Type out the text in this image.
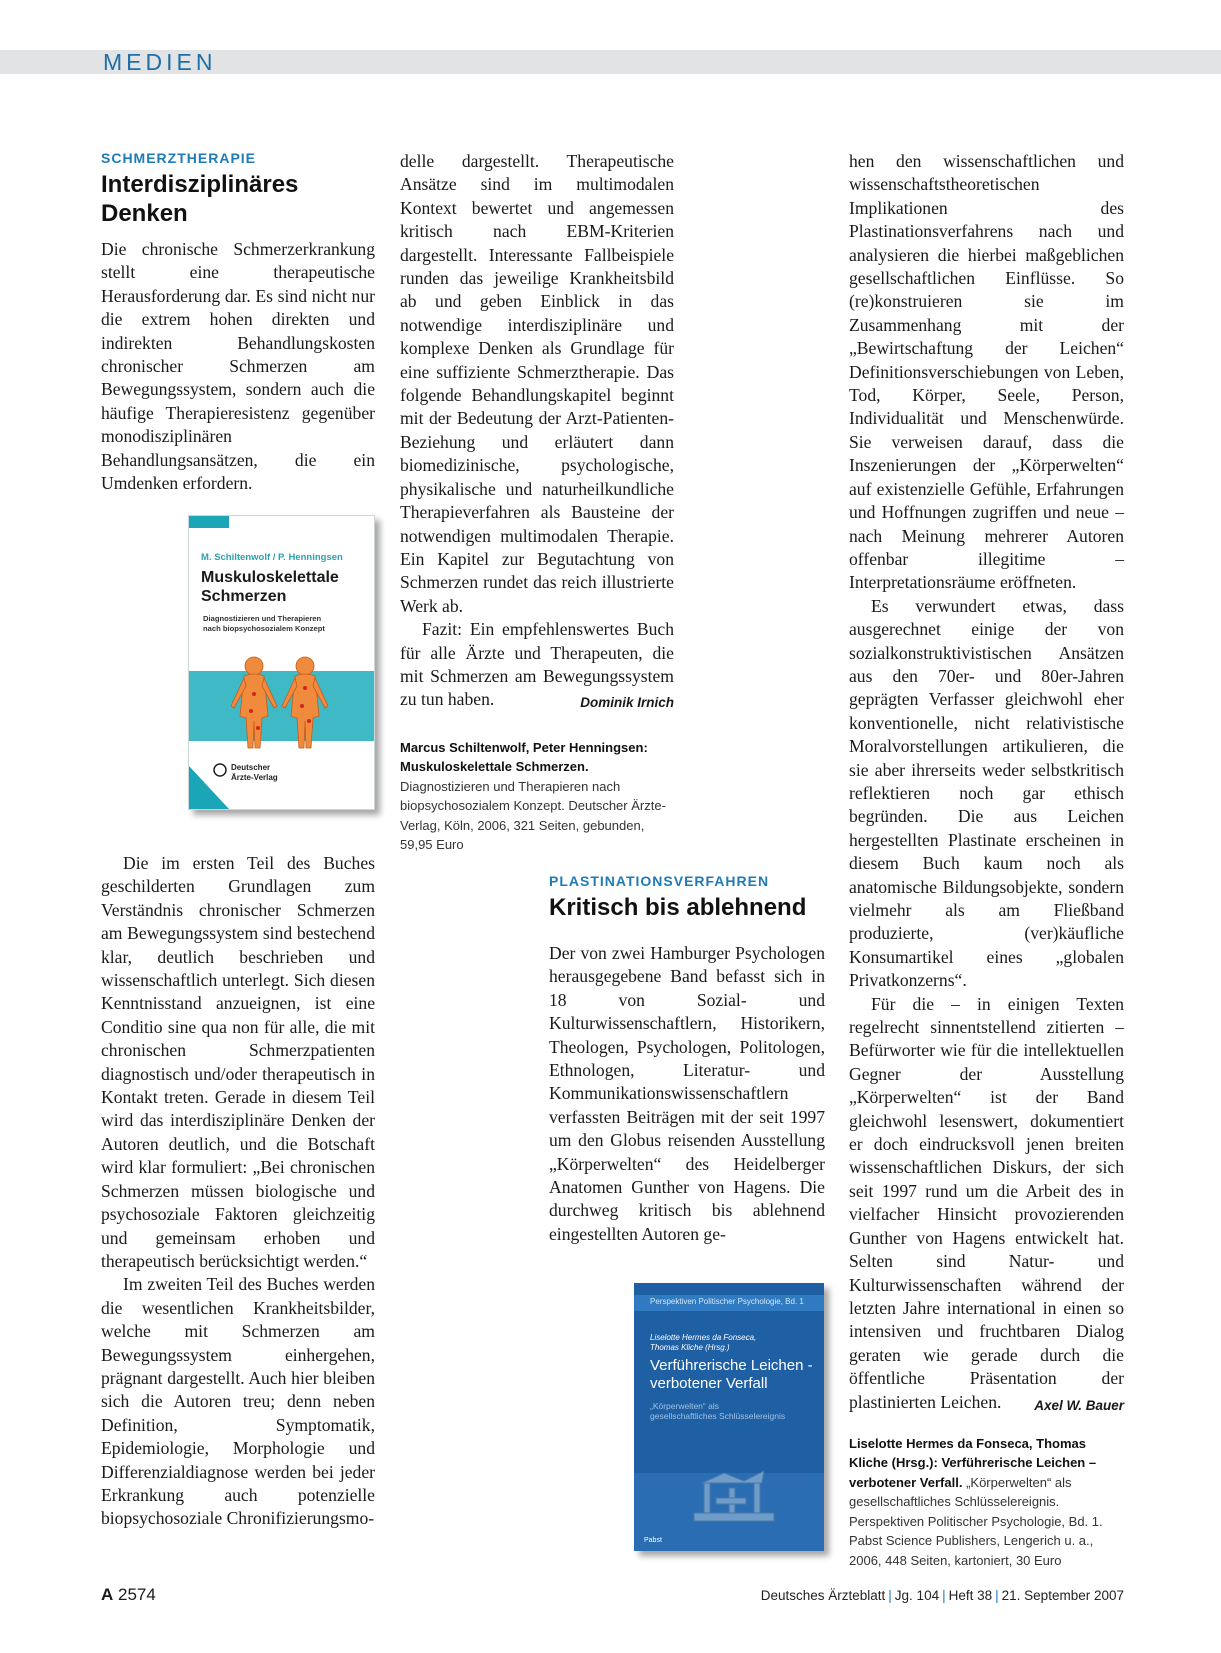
MEDIEN
SCHMERZTHERAPIE
Interdisziplinäres
Denken

Die chronische Schmerzerkrankung stellt eine therapeutische Herausforderung dar. Es sind nicht nur die extrem hohen direkten und indirekten Behandlungskosten chronischer Schmerzen am Bewegungssystem, sondern auch die häufige Therapieresistenz gegenüber monodisziplinären Behandlungsansätzen, die ein Umdenken erfordern.

M. Schiltenwolf / P. Henningsen
Muskuloskelettale
Schmerzen
Diagnostizieren und Therapieren
nach biopsychosozialem Konzept
Deutscher
Ärzte-Verlag

Die im ersten Teil des Buches geschilderten Grundlagen zum Verständnis chronischer Schmerzen am Bewegungssystem sind bestechend klar, deutlich beschrieben und wissenschaftlich unterlegt. Sich diesen Kenntnisstand anzueignen, ist eine Conditio sine qua non für alle, die mit chronischen Schmerzpatienten diagnostisch und/oder therapeutisch in Kontakt treten. Gerade in diesem Teil wird das interdisziplinäre Denken der Autoren deutlich, und die Botschaft wird klar formuliert: „Bei chronischen Schmerzen müssen biologische und psychosoziale Faktoren gleichzeitig und gemeinsam erhoben und therapeutisch berücksichtigt werden.“

Im zweiten Teil des Buches werden die wesentlichen Krankheitsbilder, welche mit Schmerzen am Bewegungssystem einhergehen, prägnant dargestellt. Auch hier bleiben sich die Autoren treu; denn neben Definition, Symptomatik, Epidemiologie, Morphologie und Differenzialdiagnose werden bei jeder Erkrankung auch potenzielle biopsychosoziale Chronifizierungsmo-

delle dargestellt. Therapeutische Ansätze sind im multimodalen Kontext bewertet und angemessen kritisch nach EBM-Kriterien dargestellt. Interessante Fallbeispiele runden das jeweilige Krankheitsbild ab und geben Einblick in das notwendige interdisziplinäre und komplexe Denken als Grundlage für eine suffiziente Schmerztherapie. Das folgende Behandlungskapitel beginnt mit der Bedeutung der Arzt-Patienten-Beziehung und erläutert dann biomedizinische, psychologische, physikalische und naturheilkundliche Therapieverfahren als Bausteine der notwendigen multimodalen Therapie. Ein Kapitel zur Begutachtung von Schmerzen rundet das reich illustrierte Werk ab.

Fazit: Ein empfehlenswertes Buch für alle Ärzte und Therapeuten, die mit Schmerzen am Bewegungssystem zu tun haben.	Dominik Irnich

Marcus Schiltenwolf, Peter Henningsen: Muskuloskelettale Schmerzen. Diagnostizieren und Therapieren nach biopsychosozialem Konzept. Deutscher Ärzte-Verlag, Köln, 2006, 321 Seiten, gebunden, 59,95 Euro

PLASTINATIONSVERFAHREN
Kritisch bis ablehnend

Der von zwei Hamburger Psychologen herausgegebene Band befasst sich in 18 von Sozial- und Kulturwissenschaftlern, Historikern, Theologen, Psychologen, Politologen, Ethnologen, Literatur- und Kommunikationswissenschaftlern verfassten Beiträgen mit der seit 1997 um den Globus reisenden Ausstellung „Körperwelten“ des Heidelberger Anatomen Gunther von Hagens. Die durchweg kritisch bis ablehnend eingestellten Autoren ge-

Perspektiven Politischer Psychologie, Bd. 1
Liselotte Hermes da Fonseca,
Thomas Kliche (Hrsg.)
Verführerische Leichen -
verbotener Verfall
„Körperwelten“ als
gesellschaftliches Schlüsselereignis
Pabst

hen den wissenschaftlichen und wissenschaftstheoretischen Implikationen des Plastinationsverfahrens nach und analysieren die hierbei maßgeblichen gesellschaftlichen Einflüsse. So (re)konstruieren sie im Zusammenhang mit der „Bewirtschaftung der Leichen“ Definitionsverschiebungen von Leben, Tod, Körper, Seele, Person, Individualität und Menschenwürde. Sie verweisen darauf, dass die Inszenierungen der „Körperwelten“ auf existenzielle Gefühle, Erfahrungen und Hoffnungen zugriffen und neue – nach Meinung mehrerer Autoren offenbar illegitime – Interpretationsräume eröffneten.

Es verwundert etwas, dass ausgerechnet einige der von sozialkonstruktivistischen Ansätzen aus den 70er- und 80er-Jahren geprägten Verfasser gleichwohl eher konventionelle, nicht relativistische Moralvorstellungen artikulieren, die sie aber ihrerseits weder selbstkritisch reflektieren noch gar ethisch begründen. Die aus Leichen hergestellten Plastinate erscheinen in diesem Buch kaum noch als anatomische Bildungsobjekte, sondern vielmehr als am Fließband produzierte, (ver)käufliche Konsumartikel eines „globalen Privatkonzerns“.

Für die – in einigen Texten regelrecht sinnentstellend zitierten – Befürworter wie für die intellektuellen Gegner der Ausstellung „Körperwelten“ ist der Band gleichwohl lesenswert, dokumentiert er doch eindrucksvoll jenen breiten wissenschaftlichen Diskurs, der sich seit 1997 rund um die Arbeit des in vielfacher Hinsicht provozierenden Gunther von Hagens entwickelt hat. Selten sind Natur- und Kulturwissenschaften während der letzten Jahre international in einen so intensiven und fruchtbaren Dialog geraten wie gerade durch die öffentliche Präsentation der plastinierten Leichen.	Axel W. Bauer

Liselotte Hermes da Fonseca, Thomas Kliche (Hrsg.): Verführerische Leichen – verbotener Verfall. „Körperwelten“ als gesellschaftliches Schlüsselereignis. Perspektiven Politischer Psychologie, Bd. 1. Pabst Science Publishers, Lengerich u. a., 2006, 448 Seiten, kartoniert, 30 Euro

A 2574	Deutsches Ärzteblatt | Jg. 104 | Heft 38 | 21. September 2007
